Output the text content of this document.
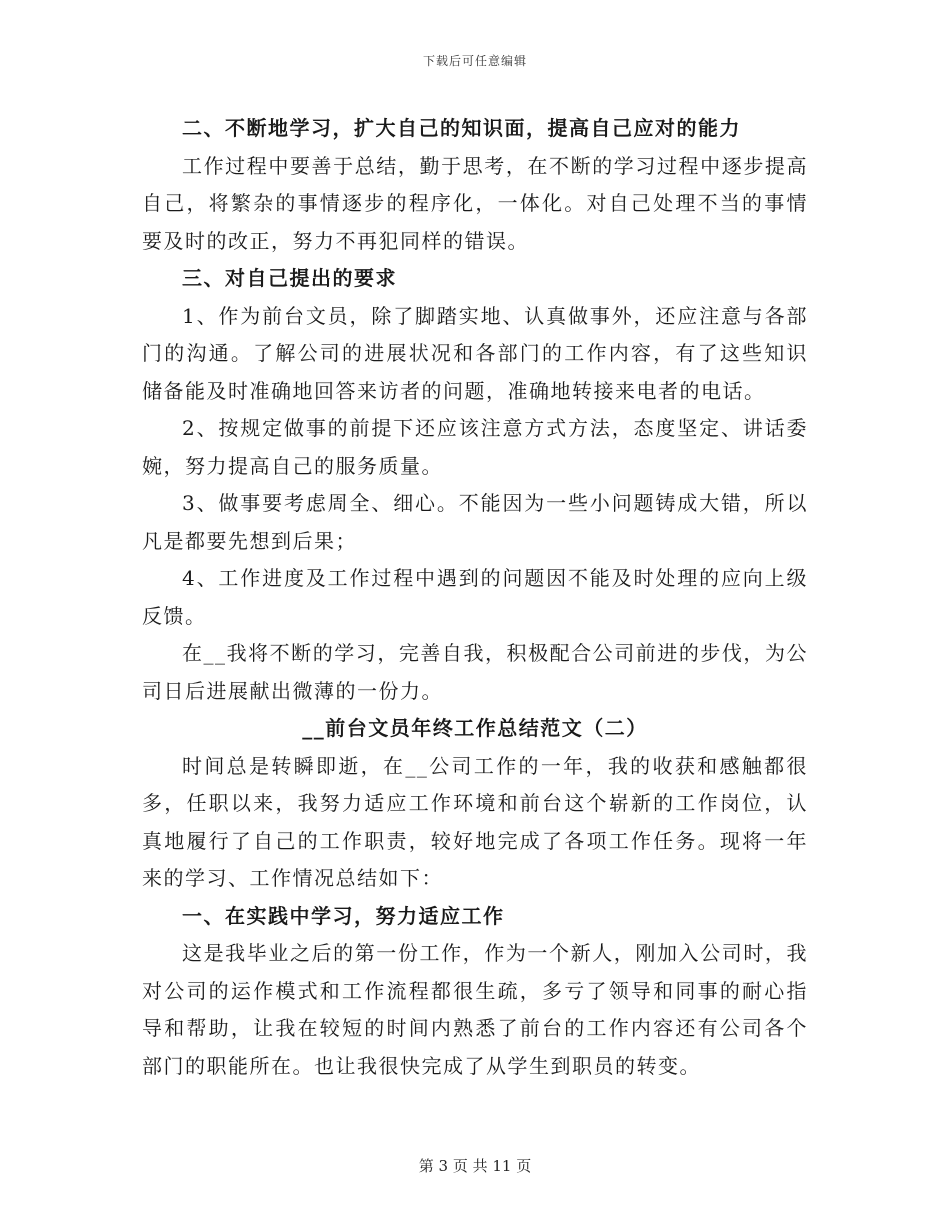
下载后可任意编辑

二、不断地学习，扩大自己的知识面，提高自己应对的能力

工作过程中要善于总结，勤于思考，在不断的学习过程中逐步提高自己，将繁杂的事情逐步的程序化，一体化。对自己处理不当的事情要及时的改正，努力不再犯同样的错误。

三、对自己提出的要求

1、作为前台文员，除了脚踏实地、认真做事外，还应注意与各部门的沟通。了解公司的进展状况和各部门的工作内容，有了这些知识储备能及时准确地回答来访者的问题，准确地转接来电者的电话。

2、按规定做事的前提下还应该注意方式方法，态度坚定、讲话委婉，努力提高自己的服务质量。

3、做事要考虑周全、细心。不能因为一些小问题铸成大错，所以凡是都要先想到后果；

4、工作进度及工作过程中遇到的问题因不能及时处理的应向上级反馈。

在__我将不断的学习，完善自我，积极配合公司前进的步伐，为公司日后进展献出微薄的一份力。

__前台文员年终工作总结范文（二）

时间总是转瞬即逝，在__公司工作的一年，我的收获和感触都很多，任职以来，我努力适应工作环境和前台这个崭新的工作岗位，认真地履行了自己的工作职责，较好地完成了各项工作任务。现将一年来的学习、工作情况总结如下：

一、在实践中学习，努力适应工作

这是我毕业之后的第一份工作，作为一个新人，刚加入公司时，我对公司的运作模式和工作流程都很生疏，多亏了领导和同事的耐心指导和帮助，让我在较短的时间内熟悉了前台的工作内容还有公司各个部门的职能所在。也让我很快完成了从学生到职员的转变。

第 3 页 共 11 页
